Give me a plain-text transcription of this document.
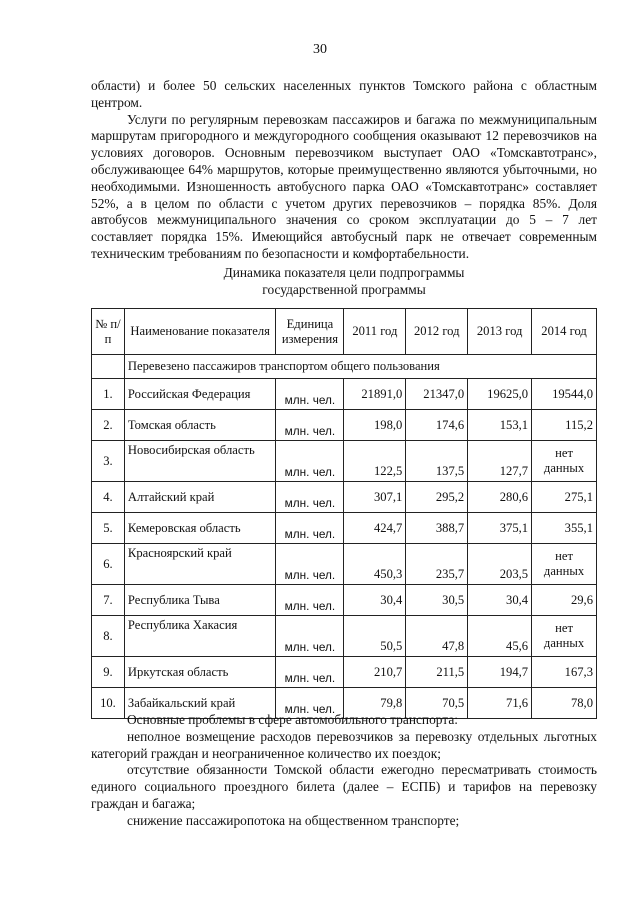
30

области) и более 50 сельских населенных пунктов Томского района с областным центром.

Услуги по регулярным перевозкам пассажиров и багажа по межмуниципальным маршрутам пригородного и междугородного сообщения оказывают 12 перевозчиков на условиях договоров. Основным перевозчиком выступает ОАО «Томскавтотранс», обслуживающее 64% маршрутов, которые преимущественно являются убыточными, но необходимыми. Изношенность автобусного парка ОАО «Томскавтотранс» составляет 52%, а в целом по области с учетом других перевозчиков – порядка 85%. Доля автобусов межмуниципального значения со сроком эксплуатации до 5 – 7 лет составляет порядка 15%. Имеющийся автобусный парк не отвечает современным техническим требованиям по безопасности и комфортабельности.

Динамика показателя цели подпрограммы
государственной программы
№ п/п	Наименование показателя	Единица измерения	2011 год	2012 год	2013 год	2014 год
	Перевезено пассажиров транспортом общего пользования					
1.	Российская Федерация	млн. чел.	21891,0	21347,0	19625,0	19544,0
2.	Томская область	млн. чел.	198,0	174,6	153,1	115,2
3.	Новосибирская область	млн. чел.	122,5	137,5	127,7	нет данных
4.	Алтайский край	млн. чел.	307,1	295,2	280,6	275,1
5.	Кемеровская область	млн. чел.	424,7	388,7	375,1	355,1
6.	Красноярский край	млн. чел.	450,3	235,7	203,5	нет данных
7.	Республика Тыва	млн. чел.	30,4	30,5	30,4	29,6
8.	Республика Хакасия	млн. чел.	50,5	47,8	45,6	нет данных
9.	Иркутская область	млн. чел.	210,7	211,5	194,7	167,3
10.	Забайкальский край	млн. чел.	79,8	70,5	71,6	78,0

Основные проблемы в сфере автомобильного транспорта:

неполное возмещение расходов перевозчиков за перевозку отдельных льготных категорий граждан и неограниченное количество их поездок;

отсутствие обязанности Томской области ежегодно пересматривать стоимость единого социального проездного билета (далее – ЕСПБ) и тарифов на перевозку граждан и багажа;

снижение пассажиропотока на общественном транспорте;
